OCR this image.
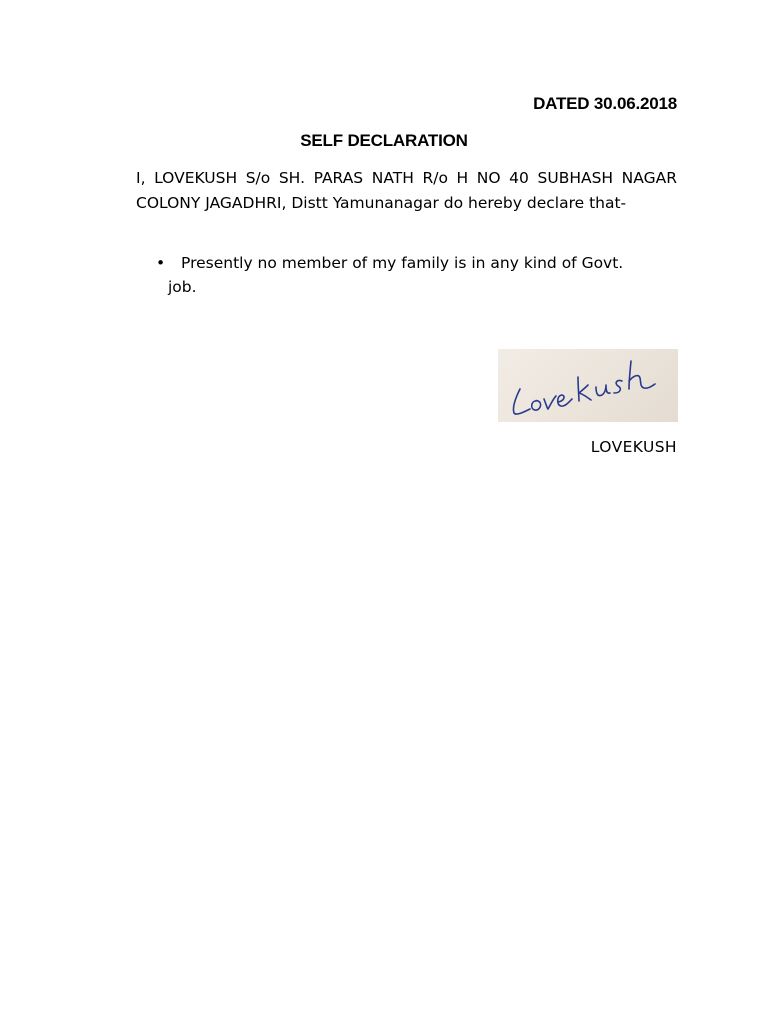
DATED 30.06.2018
SELF DECLARATION
I, LOVEKUSH S/o SH. PARAS NATH R/o H NO 40 SUBHASH NAGAR COLONY JAGADHRI, Distt Yamunanagar do hereby declare that-
•	Presently no member of my family is in any kind of Govt.
job.
LOVEKUSH
